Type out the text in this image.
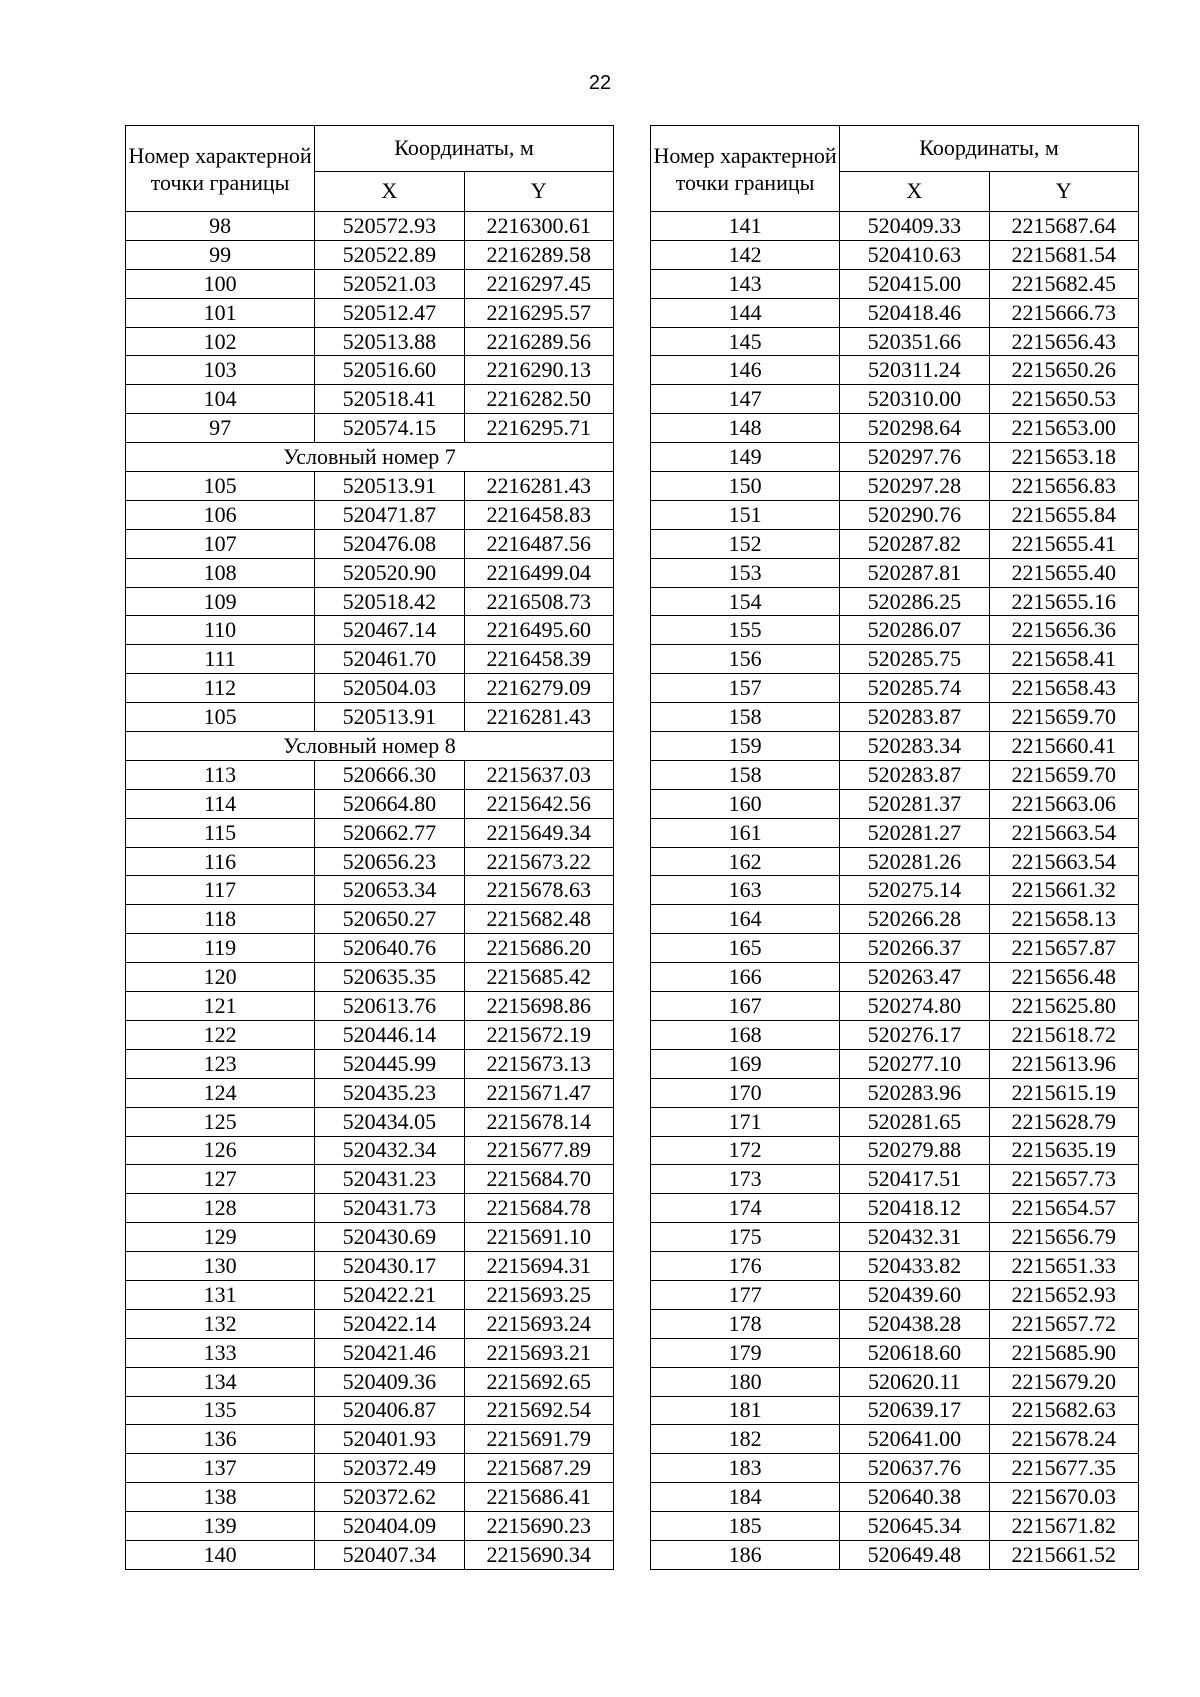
22
Номер характерной точки границы	Координаты, м	
	X	Y
98	520572.93	2216300.61
99	520522.89	2216289.58
100	520521.03	2216297.45
101	520512.47	2216295.57
102	520513.88	2216289.56
103	520516.60	2216290.13
104	520518.41	2216282.50
97	520574.15	2216295.71
Условный номер 7		
105	520513.91	2216281.43
106	520471.87	2216458.83
107	520476.08	2216487.56
108	520520.90	2216499.04
109	520518.42	2216508.73
110	520467.14	2216495.60
111	520461.70	2216458.39
112	520504.03	2216279.09
105	520513.91	2216281.43
Условный номер 8		
113	520666.30	2215637.03
114	520664.80	2215642.56
115	520662.77	2215649.34
116	520656.23	2215673.22
117	520653.34	2215678.63
118	520650.27	2215682.48
119	520640.76	2215686.20
120	520635.35	2215685.42
121	520613.76	2215698.86
122	520446.14	2215672.19
123	520445.99	2215673.13
124	520435.23	2215671.47
125	520434.05	2215678.14
126	520432.34	2215677.89
127	520431.23	2215684.70
128	520431.73	2215684.78
129	520430.69	2215691.10
130	520430.17	2215694.31
131	520422.21	2215693.25
132	520422.14	2215693.24
133	520421.46	2215693.21
134	520409.36	2215692.65
135	520406.87	2215692.54
136	520401.93	2215691.79
137	520372.49	2215687.29
138	520372.62	2215686.41
139	520404.09	2215690.23
140	520407.34	2215690.34
Номер характерной точки границы	Координаты, м	
	X	Y
141	520409.33	2215687.64
142	520410.63	2215681.54
143	520415.00	2215682.45
144	520418.46	2215666.73
145	520351.66	2215656.43
146	520311.24	2215650.26
147	520310.00	2215650.53
148	520298.64	2215653.00
149	520297.76	2215653.18
150	520297.28	2215656.83
151	520290.76	2215655.84
152	520287.82	2215655.41
153	520287.81	2215655.40
154	520286.25	2215655.16
155	520286.07	2215656.36
156	520285.75	2215658.41
157	520285.74	2215658.43
158	520283.87	2215659.70
159	520283.34	2215660.41
158	520283.87	2215659.70
160	520281.37	2215663.06
161	520281.27	2215663.54
162	520281.26	2215663.54
163	520275.14	2215661.32
164	520266.28	2215658.13
165	520266.37	2215657.87
166	520263.47	2215656.48
167	520274.80	2215625.80
168	520276.17	2215618.72
169	520277.10	2215613.96
170	520283.96	2215615.19
171	520281.65	2215628.79
172	520279.88	2215635.19
173	520417.51	2215657.73
174	520418.12	2215654.57
175	520432.31	2215656.79
176	520433.82	2215651.33
177	520439.60	2215652.93
178	520438.28	2215657.72
179	520618.60	2215685.90
180	520620.11	2215679.20
181	520639.17	2215682.63
182	520641.00	2215678.24
183	520637.76	2215677.35
184	520640.38	2215670.03
185	520645.34	2215671.82
186	520649.48	2215661.52
